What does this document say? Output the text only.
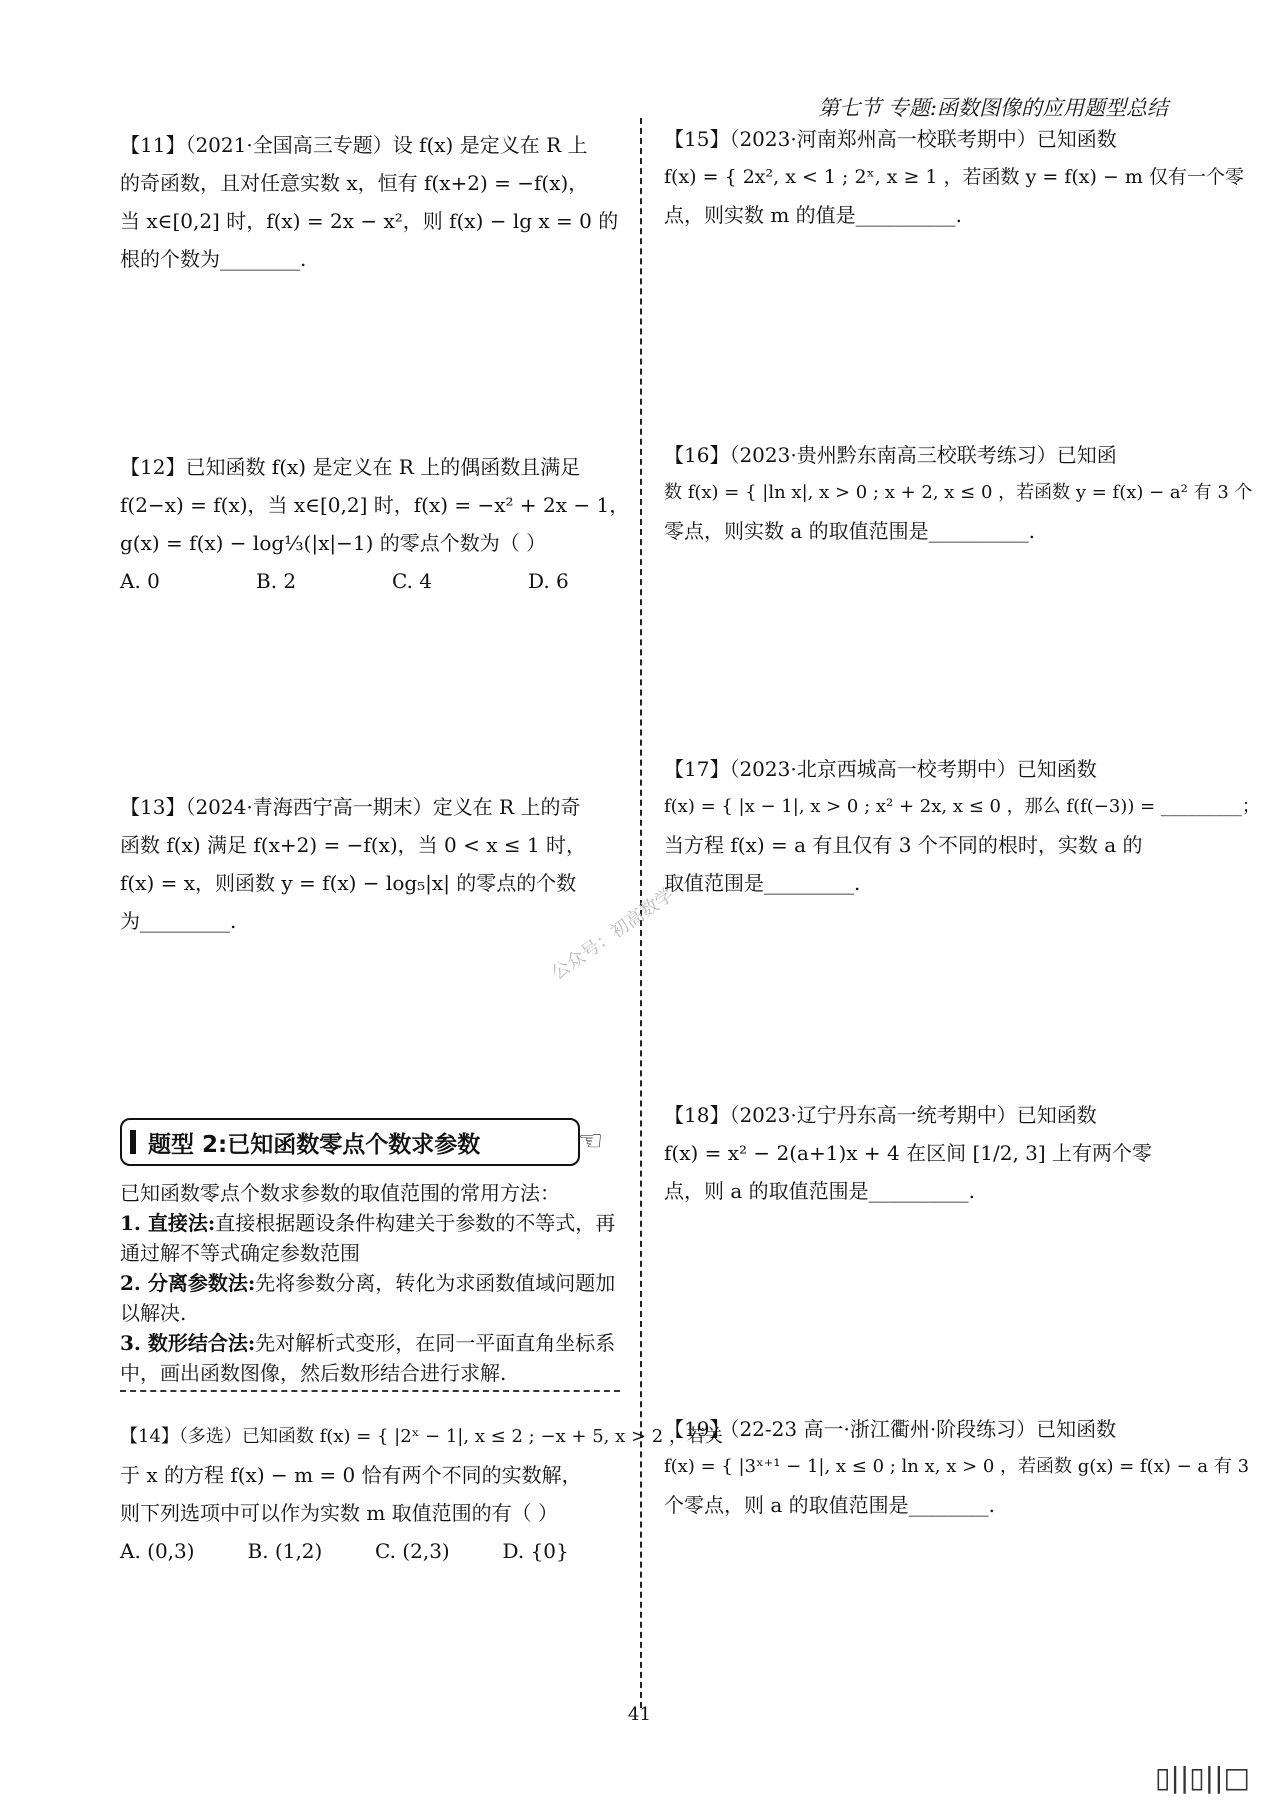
第七节 专题:函数图像的应用题型总结
【11】（2021·全国高三专题）设 f(x) 是定义在 R 上
的奇函数，且对任意实数 x，恒有 f(x+2) = −f(x)，
当 x∈[0,2] 时，f(x) = 2x − x²，则 f(x) − lg x = 0 的
根的个数为________.
【12】已知函数 f(x) 是定义在 R 上的偶函数且满足
f(2−x) = f(x)，当 x∈[0,2] 时，f(x) = −x² + 2x − 1，
g(x) = f(x) − log⅓(|x|−1) 的零点个数为（ ）
A. 0	B. 2	C. 4	D. 6
【13】（2024·青海西宁高一期末）定义在 R 上的奇
函数 f(x) 满足 f(x+2) = −f(x)，当 0 < x ≤ 1 时，
f(x) = x，则函数 y = f(x) − log₅|x| 的零点的个数
为_________.
题型 2:已知函数零点个数求参数	☜
已知函数零点个数求参数的取值范围的常用方法：
1. 直接法:直接根据题设条件构建关于参数的不等式，再通过解不等式确定参数范围
2. 分离参数法:先将参数分离，转化为求函数值域问题加以解决.
3. 数形结合法:先对解析式变形，在同一平面直角坐标系中，画出函数图像，然后数形结合进行求解.
【14】（多选）已知函数 f(x) = { |2ˣ − 1|, x ≤ 2 ; −x + 5, x > 2 ，若关
于 x 的方程 f(x) − m = 0 恰有两个不同的实数解，
则下列选项中可以作为实数 m 取值范围的有（ ）
A. (0,3)	B. (1,2)	C. (2,3)	D. {0}
【15】（2023·河南郑州高一校联考期中）已知函数
f(x) = { 2x², x < 1 ; 2ˣ, x ≥ 1 ，若函数 y = f(x) − m 仅有一个零
点，则实数 m 的值是__________.
【16】（2023·贵州黔东南高三校联考练习）已知函
数 f(x) = { |ln x|, x > 0 ; x + 2, x ≤ 0 ，若函数 y = f(x) − a² 有 3 个
零点，则实数 a 的取值范围是__________.
【17】（2023·北京西城高一校考期中）已知函数
f(x) = { |x − 1|, x > 0 ; x² + 2x, x ≤ 0 ，那么 f(f(−3)) = _________；
当方程 f(x) = a 有且仅有 3 个不同的根时，实数 a 的
取值范围是_________.
【18】（2023·辽宁丹东高一统考期中）已知函数
f(x) = x² − 2(a+1)x + 4 在区间 [1/2, 3] 上有两个零
点，则 a 的取值范围是__________.
【19】（22-23 高一·浙江衢州·阶段练习）已知函数
f(x) = { |3ˣ⁺¹ − 1|, x ≤ 0 ; ln x, x > 0 ，若函数 g(x) = f(x) − a 有 3
个零点，则 a 的取值范围是________.
公众号：初高数学
41
▯||▯||□
